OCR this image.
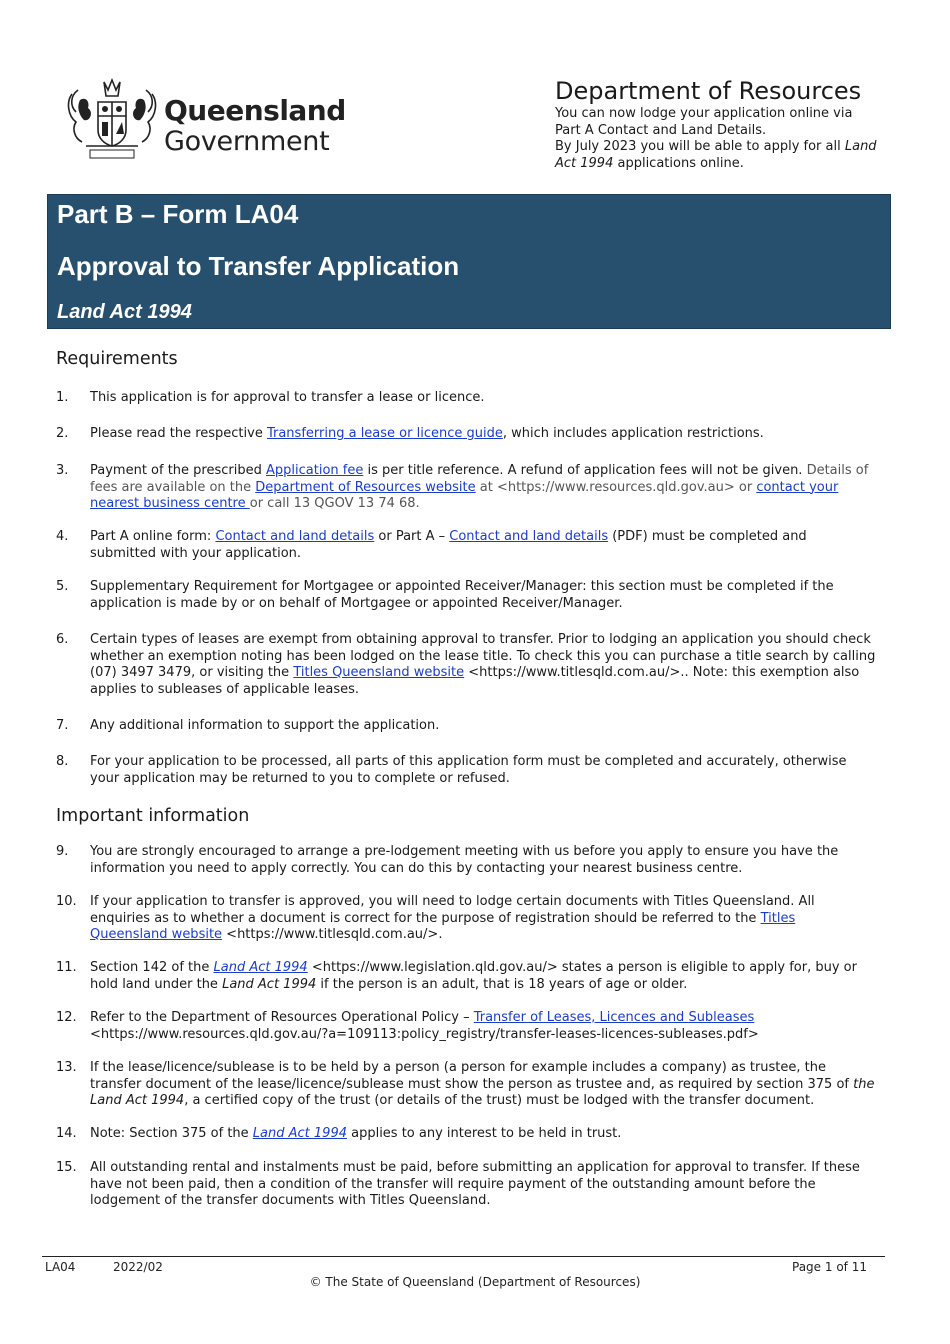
Queensland
Government
Department of Resources
You can now lodge your application online via
Part A Contact and Land Details.
By July 2023 you will be able to apply for all Land
Act 1994 applications online.
Part B – Form LA04
Approval to Transfer Application
Land Act 1994
Requirements
1.	This application is for approval to transfer a lease or licence.
2.	Please read the respective Transferring a lease or licence guide, which includes application restrictions.
3.	Payment of the prescribed Application fee is per title reference. A refund of application fees will not be given. Details of fees are available on the Department of Resources website at <https://www.resources.qld.gov.au> or contact your nearest business centre or call 13 QGOV 13 74 68.
4.	Part A online form: Contact and land details or Part A – Contact and land details (PDF) must be completed and submitted with your application.
5.	Supplementary Requirement for Mortgagee or appointed Receiver/Manager: this section must be completed if the application is made by or on behalf of Mortgagee or appointed Receiver/Manager.
6.	Certain types of leases are exempt from obtaining approval to transfer. Prior to lodging an application you should check whether an exemption noting has been lodged on the lease title. To check this you can purchase a title search by calling (07) 3497 3479, or visiting the Titles Queensland website <https://www.titlesqld.com.au/>.. Note: this exemption also applies to subleases of applicable leases.
7.	Any additional information to support the application.
8.	For your application to be processed, all parts of this application form must be completed and accurately, otherwise your application may be returned to you to complete or refused.
Important information
9.	You are strongly encouraged to arrange a pre-lodgement meeting with us before you apply to ensure you have the information you need to apply correctly. You can do this by contacting your nearest business centre.
10.	If your application to transfer is approved, you will need to lodge certain documents with Titles Queensland. All enquiries as to whether a document is correct for the purpose of registration should be referred to the Titles Queensland website <https://www.titlesqld.com.au/>.
11.	Section 142 of the Land Act 1994 <https://www.legislation.qld.gov.au/> states a person is eligible to apply for, buy or hold land under the Land Act 1994 if the person is an adult, that is 18 years of age or older.
12.	Refer to the Department of Resources Operational Policy – Transfer of Leases, Licences and Subleases <https://www.resources.qld.gov.au/?a=109113:policy_registry/transfer-leases-licences-subleases.pdf>
13.	If the lease/licence/sublease is to be held by a person (a person for example includes a company) as trustee, the transfer document of the lease/licence/sublease must show the person as trustee and, as required by section 375 of the Land Act 1994, a certified copy of the trust (or details of the trust) must be lodged with the transfer document.
14.	Note: Section 375 of the Land Act 1994 applies to any interest to be held in trust.
15.	All outstanding rental and instalments must be paid, before submitting an application for approval to transfer. If these have not been paid, then a condition of the transfer will require payment of the outstanding amount before the lodgement of the transfer documents with Titles Queensland.
LA04	2022/02	Page 1 of 11
© The State of Queensland (Department of Resources)
